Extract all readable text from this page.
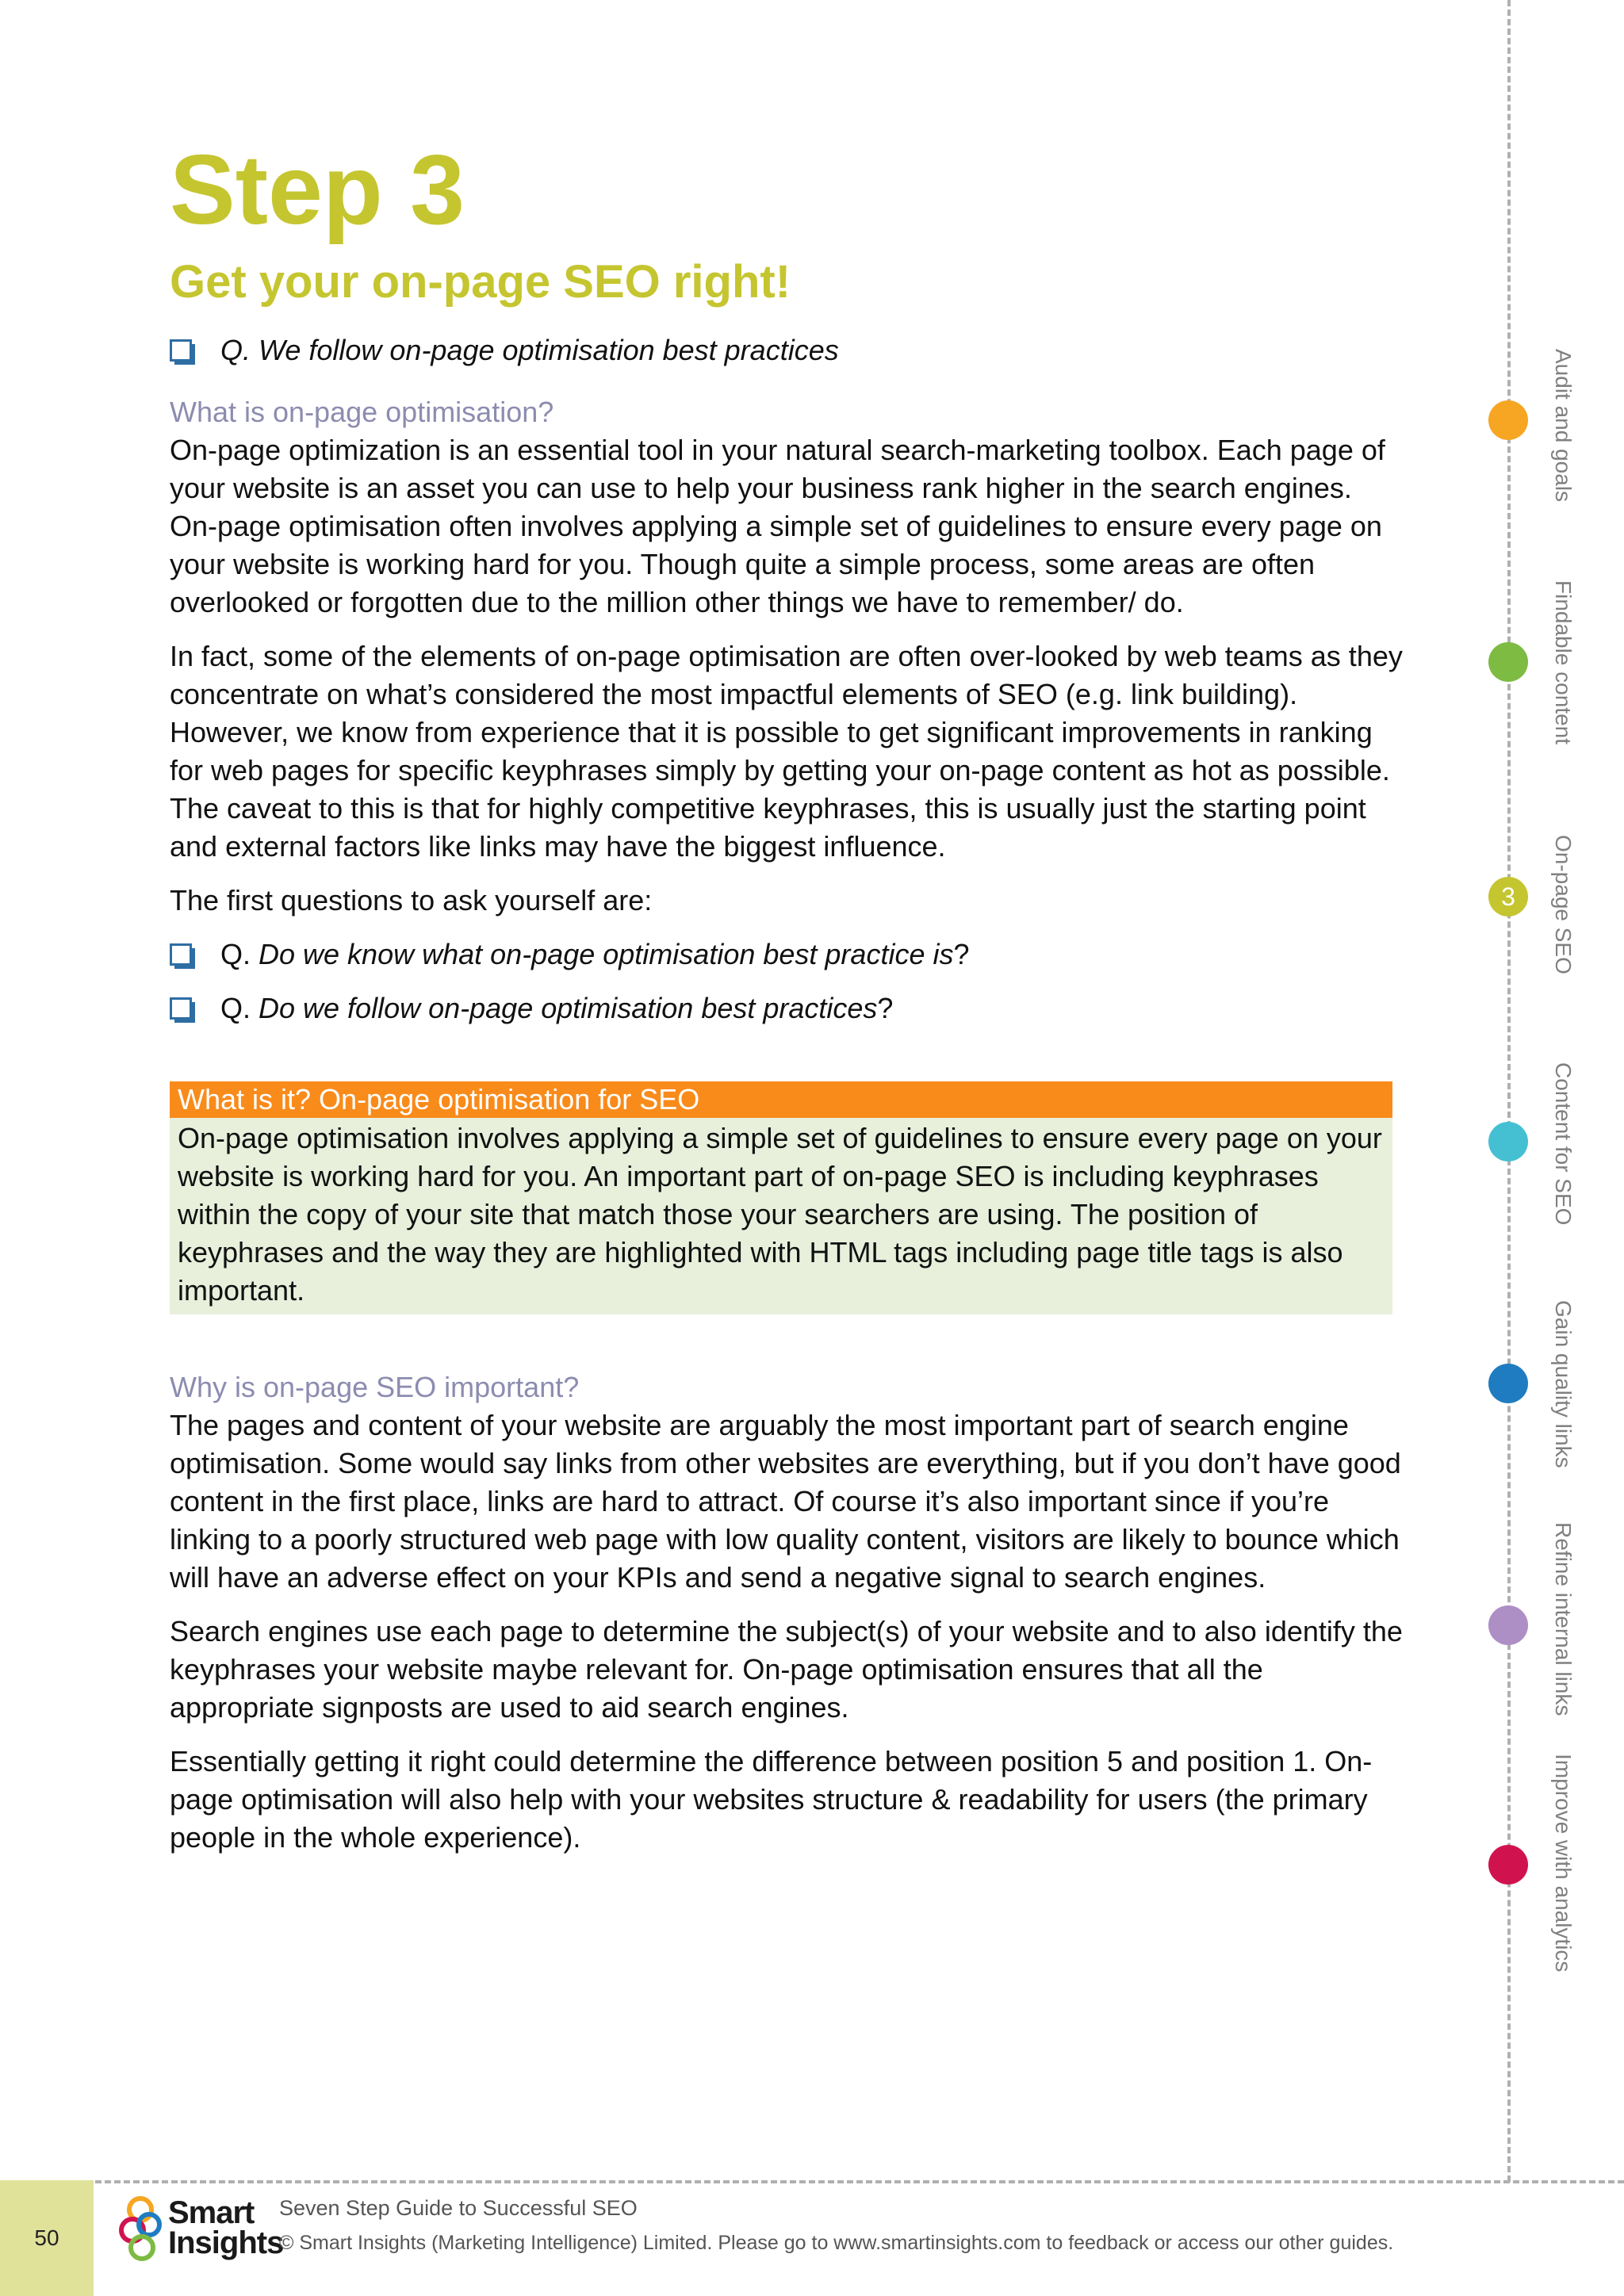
Step 3
Get your on-page SEO right!
Q. We follow on-page optimisation best practices
What is on-page optimisation?

On-page optimization is an essential tool in your natural search-marketing toolbox. Each page of your website is an asset you can use to help your business rank higher in the search engines. On-page optimisation often involves applying a simple set of guidelines to ensure every page on your website is working hard for you. Though quite a simple process, some areas are often overlooked or forgotten due to the million other things we have to remember/ do.

In fact, some of the elements of on-page optimisation are often over-looked by web teams as they concentrate on what’s considered the most impactful elements of SEO (e.g. link building). However, we know from experience that it is possible to get significant improvements in ranking for web pages for specific keyphrases simply by getting your on-page content as hot as possible. The caveat to this is that for highly competitive keyphrases, this is usually just the starting point and external factors like links may have the biggest influence.

The first questions to ask yourself are:

Q. Do we know what on-page optimisation best practice is?
Q. Do we follow on-page optimisation best practices?
What is it? On-page optimisation for SEO
On-page optimisation involves applying a simple set of guidelines to ensure every page on your website is working hard for you. An important part of on-page SEO is including keyphrases within the copy of your site that match those your searchers are using. The position of keyphrases and the way they are highlighted with HTML tags including page title tags is also important.
Why is on-page SEO important?

The pages and content of your website are arguably the most important part of search engine optimisation. Some would say links from other websites are everything, but if you don’t have good content in the first place, links are hard to attract. Of course it’s also important since if you’re linking to a poorly structured web page with low quality content, visitors are likely to bounce which will have an adverse effect on your KPIs and send a negative signal to search engines.

Search engines use each page to determine the subject(s) of your website and to also identify the keyphrases your website maybe relevant for. On-page optimisation ensures that all the appropriate signposts are used to aid search engines.

Essentially getting it right could determine the difference between position 5 and position 1. On-page optimisation will also help with your websites structure & readability for users (the primary people in the whole experience).

Audit and goals
Findable content
3 On-page SEO
Content for SEO
Gain quality links
Refine internal links
Improve with analytics
50
Smart
Insights
Seven Step Guide to Successful SEO
© Smart Insights (Marketing Intelligence) Limited. Please go to www.smartinsights.com to feedback or access our other guides.
